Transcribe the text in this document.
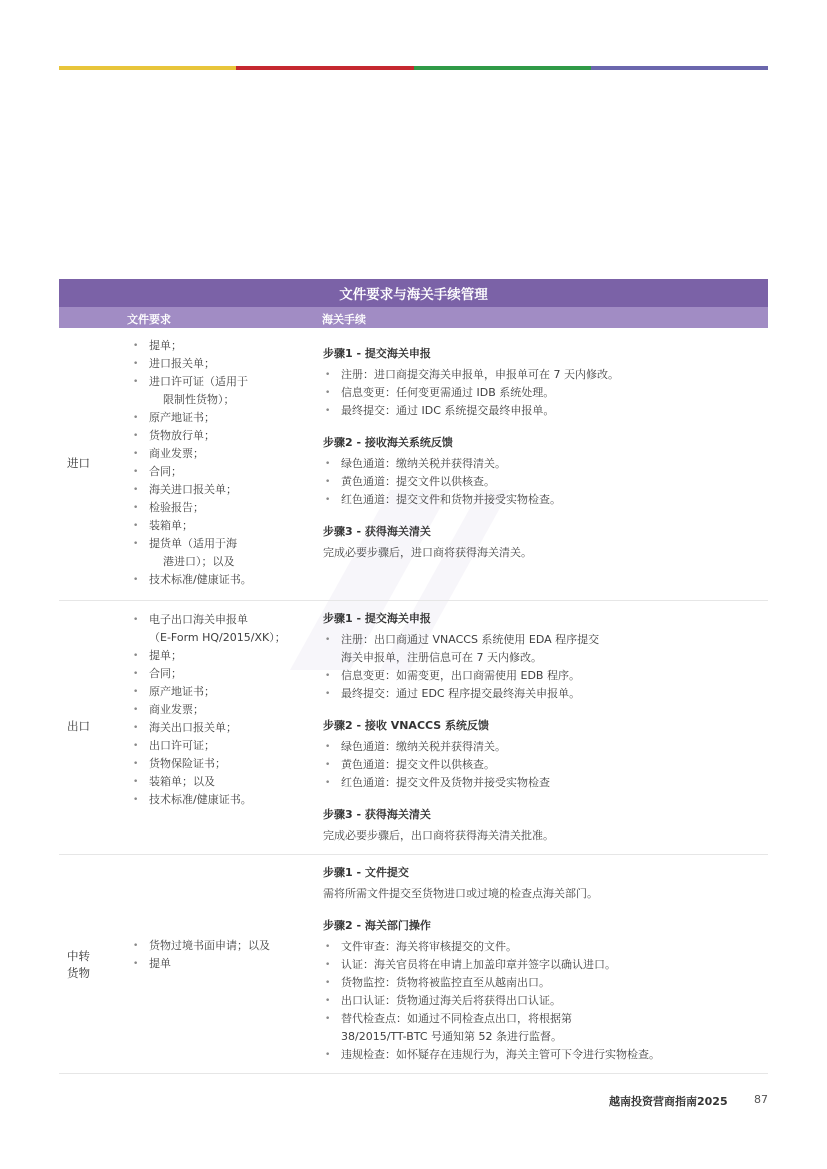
文件要求与海关手续管理
文件要求	海关手续
进口
• 提单；
• 进口报关单；
• 进口许可证（适用于
限制性货物）；
• 原产地证书；
• 货物放行单；
• 商业发票；
• 合同；
• 海关进口报关单；
• 检验报告；
• 装箱单；
• 提货单（适用于海
港进口）；以及
• 技术标准/健康证书。
步骤1 - 提交海关申报
• 注册：进口商提交海关申报单，申报单可在 7 天内修改。
• 信息变更：任何变更需通过 IDB 系统处理。
• 最终提交：通过 IDC 系统提交最终申报单。
步骤2 - 接收海关系统反馈
• 绿色通道：缴纳关税并获得清关。
• 黄色通道：提交文件以供核查。
• 红色通道：提交文件和货物并接受实物检查。
步骤3 - 获得海关清关
完成必要步骤后，进口商将获得海关清关。
出口
• 电子出口海关申报单
（E-Form HQ/2015/XK）；
• 提单；
• 合同；
• 原产地证书；
• 商业发票；
• 海关出口报关单；
• 出口许可证；
• 货物保险证书；
• 装箱单；以及
• 技术标准/健康证书。
步骤1 - 提交海关申报
• 注册：出口商通过 VNACCS 系统使用 EDA 程序提交
海关申报单，注册信息可在 7 天内修改。
• 信息变更：如需变更，出口商需使用 EDB 程序。
• 最终提交：通过 EDC 程序提交最终海关申报单。
步骤2 - 接收 VNACCS 系统反馈
• 绿色通道：缴纳关税并获得清关。
• 黄色通道：提交文件以供核查。
• 红色通道：提交文件及货物并接受实物检查
步骤3 - 获得海关清关
完成必要步骤后，出口商将获得海关清关批准。
中转
货物
• 货物过境书面申请；以及
• 提单
步骤1 - 文件提交
需将所需文件提交至货物进口或过境的检查点海关部门。
步骤2 - 海关部门操作
• 文件审查：海关将审核提交的文件。
• 认证：海关官员将在申请上加盖印章并签字以确认进口。
• 货物监控：货物将被监控直至从越南出口。
• 出口认证：货物通过海关后将获得出口认证。
• 替代检查点：如通过不同检查点出口，将根据第
38/2015/TT-BTC 号通知第 52 条进行监督。
• 违规检查：如怀疑存在违规行为，海关主管可下令进行实物检查。
越南投资营商指南2025 87
